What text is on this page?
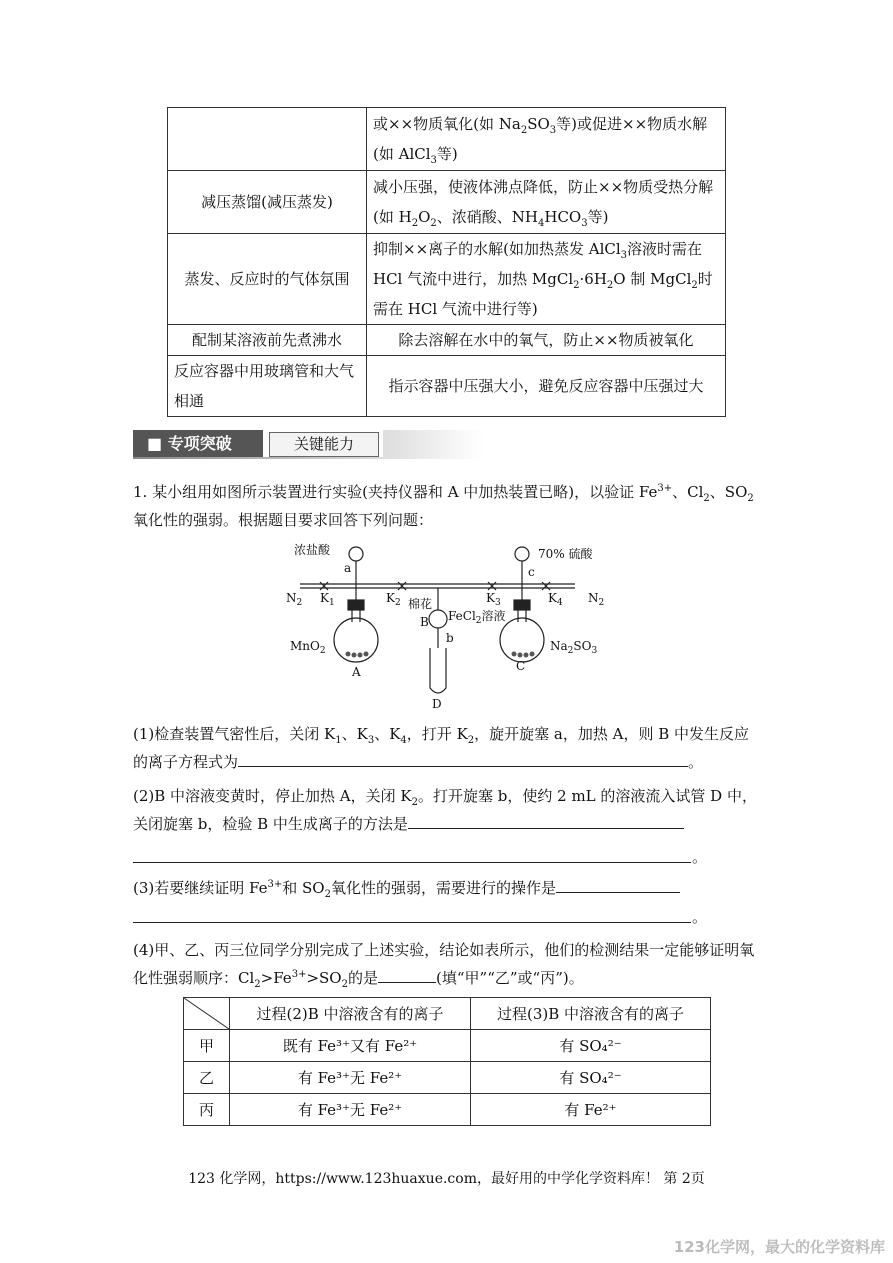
	或××物质氧化(如 $Na_2SO_3$等)或促进××物质水解(如 AlCl$_3$等)
减压蒸馏(减压蒸发)	减小压强，使液体沸点降低，防止××物质受热分解(如 $H_2O_2$、浓硝酸、$NH_4HCO_3$等)
蒸发、反应时的气体氛围	抑制××离子的水解(如加热蒸发 AlCl$_3$溶液时需在 HCl 气流中进行，加热 $MgCl_2\cdot 6H_2O$ 制 MgCl$_2$时需在 HCl 气流中进行等)
配制某溶液前先煮沸水	除去溶解在水中的氧气，防止××物质被氧化
反应容器中用玻璃管和大气相通	指示容器中压强大小，避免反应容器中压强过大
■ 专项突破	关键能力
1. 某小组用如图所示装置进行实验(夹持仪器和 A 中加热装置已略)，以验证 $Fe^{3+}$、$Cl_2$、$SO_2$
氧化性的强弱。根据题目要求回答下列问题：
浓盐酸	70% 硫酸
$N_2$	$N_2$
$K_1$	$K_2$	$K_3$	$K_4$
棉花
FeCl$_2$溶液
MnO$_2$	$Na_2SO_3$
a	c
b
B
A	C
D
(1)检查装置气密性后，关闭 $K_1$、$K_3$、$K_4$，打开 $K_2$，旋开旋塞 a，加热 A，则 B 中发生反应的离子方程式为	。
(2)B 中溶液变黄时，停止加热 A，关闭 $K_2$。打开旋塞 b，使约 2 mL 的溶液流入试管 D 中，关闭旋塞 b，检验 B 中生成离子的方法是
。
(3)若要继续证明 $Fe^{3+}$和 $SO_2$氧化性的强弱，需要进行的操作是
。
(4)甲、乙、丙三位同学分别完成了上述实验，结论如表所示，他们的检测结果一定能够证明氧化性强弱顺序：$Cl_2>Fe^{3+}>SO_2$的是	(填“甲”“乙”或“丙”)。
	过程(2)B 中溶液含有的离子	过程(3)B 中溶液含有的离子
甲	既有 Fe³⁺又有 Fe²⁺	有 SO₄²⁻
乙	有 Fe³⁺无 Fe²⁺	有 SO₄²⁻
丙	有 Fe³⁺无 Fe²⁺	有 Fe²⁺
123 化学网，https://www.123huaxue.com，最好用的中学化学资料库！ 第 2页
123化学网，最大的化学资料库
